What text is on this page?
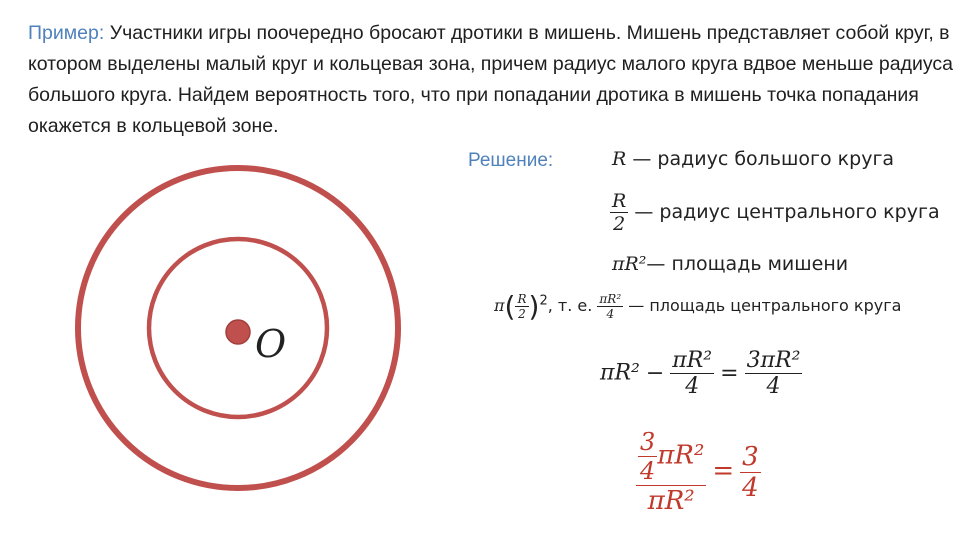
Пример: Участники игры поочередно бросают дротики в мишень. Мишень представляет собой круг, в котором выделены малый круг и кольцевая зона, причем радиус малого круга вдвое меньше радиуса большого круга. Найдем вероятность того, что при попадании дротика в мишень точка попадания окажется в кольцевой зоне.
Решение:
O
R — радиус большого круга
$\frac{R}{2}$ — радиус центрального круга
πR²— площадь мишени
$\pi( \frac{R}{2} )^2$, т. е. $\frac{\text{πR²}}{4}$ — площадь центрального круга
$\pi R^2 - \frac{\text{πR²}}{4} = \frac{\text{3πR²}}{4}$
$\frac{\frac{3}{4} \pi R^2}{\text{πR²}} = \frac{3}{4}$
